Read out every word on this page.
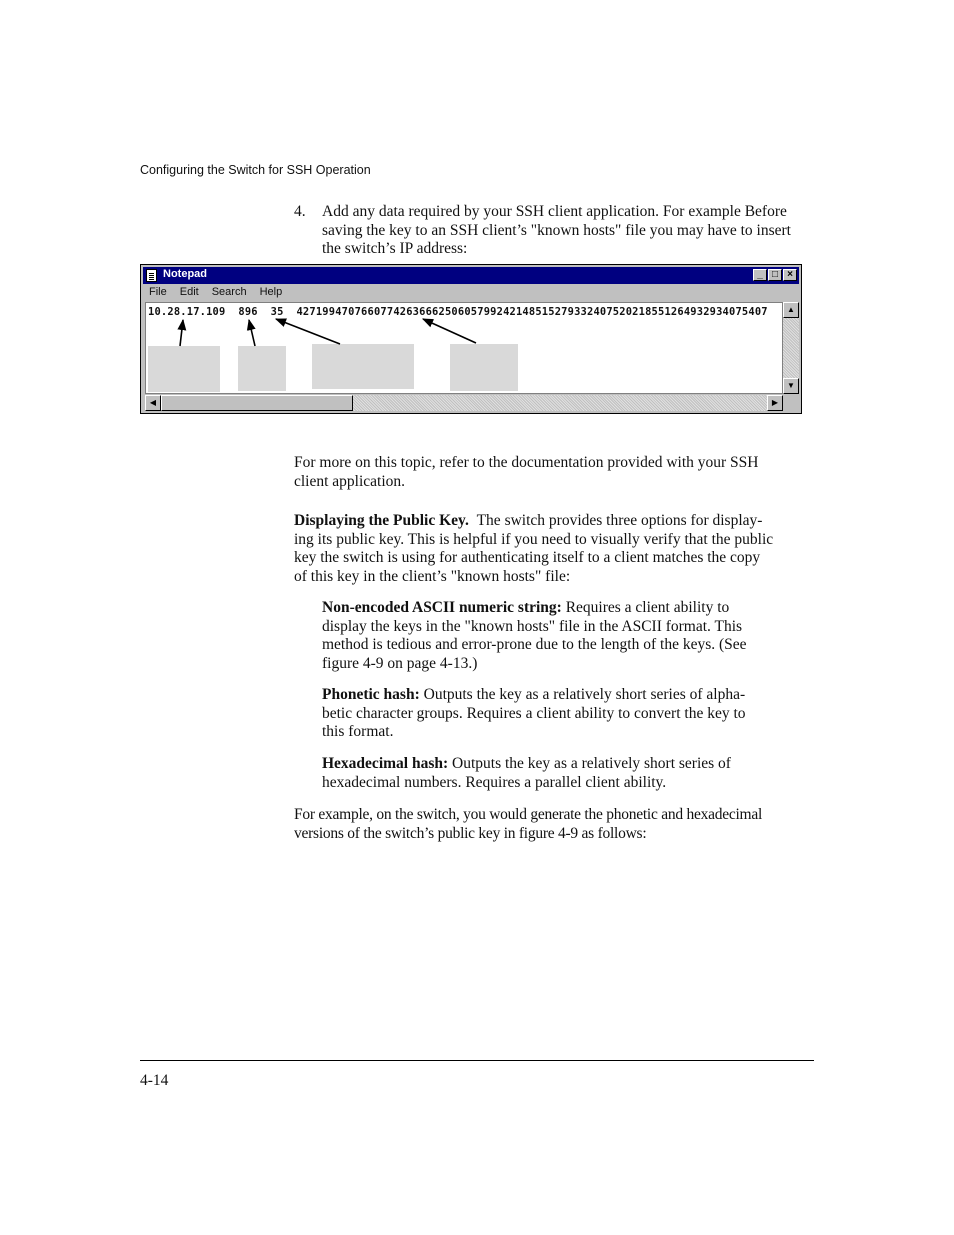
Configuring the Switch for SSH Operation
4. Add any data required by your SSH client application. For example Before
saving the key to an SSH client’s "known hosts" file you may have to insert
the switch’s IP address:
Notepad	_ □ ×
File Edit Search Help
10.28.17.109  896  35  4271994707660774263666250605799242148515279332407520218551264932934075407	▲
▼
◀	▶
For more on this topic, refer to the documentation provided with your SSH
client application.
Displaying the Public Key. The switch provides three options for display-
ing its public key. This is helpful if you need to visually verify that the public
key the switch is using for authenticating itself to a client matches the copy
of this key in the client’s "known hosts" file:
Non-encoded ASCII numeric string: Requires a client ability to
display the keys in the "known hosts" file in the ASCII format. This
method is tedious and error-prone due to the length of the keys. (See
figure 4-9 on page 4-13.)
Phonetic hash: Outputs the key as a relatively short series of alpha-
betic character groups. Requires a client ability to convert the key to
this format.
Hexadecimal hash: Outputs the key as a relatively short series of
hexadecimal numbers. Requires a parallel client ability.
For example, on the switch, you would generate the phonetic and hexadecimal
versions of the switch’s public key in figure 4-9 as follows:
4-14
